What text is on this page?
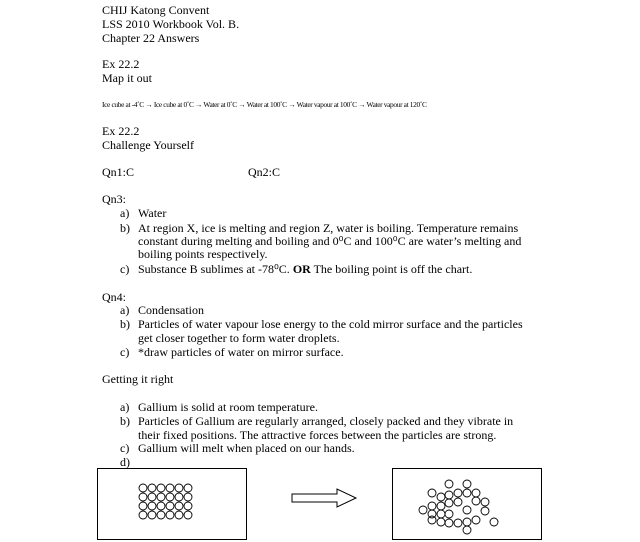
CHIJ Katong Convent
LSS 2010 Workbook Vol. B.
Chapter 22 Answers
Ex 22.2
Map it out
Ice cube at -4˚C → Ice cube at 0˚C → Water at 0˚C → Water at 100˚C → Water vapour at 100˚C → Water vapour at 120˚C
Ex 22.2
Challenge Yourself
Qn1:C	Qn2:C
Qn3:
a) Water
b) At region X, ice is melting and region Z, water is boiling. Temperature remains
constant during melting and boiling and 0⁰C and 100⁰C are water’s melting and
boiling points respectively.
c) Substance B sublimes at -78⁰C. OR The boiling point is off the chart.
Qn4:
a) Condensation
b) Particles of water vapour lose energy to the cold mirror surface and the particles
get closer together to form water droplets.
c) *draw particles of water on mirror surface.
Getting it right
a) Gallium is solid at room temperature.
b) Particles of Gallium are regularly arranged, closely packed and they vibrate in
their fixed positions. The attractive forces between the particles are strong.
c) Gallium will melt when placed on our hands.
d)
